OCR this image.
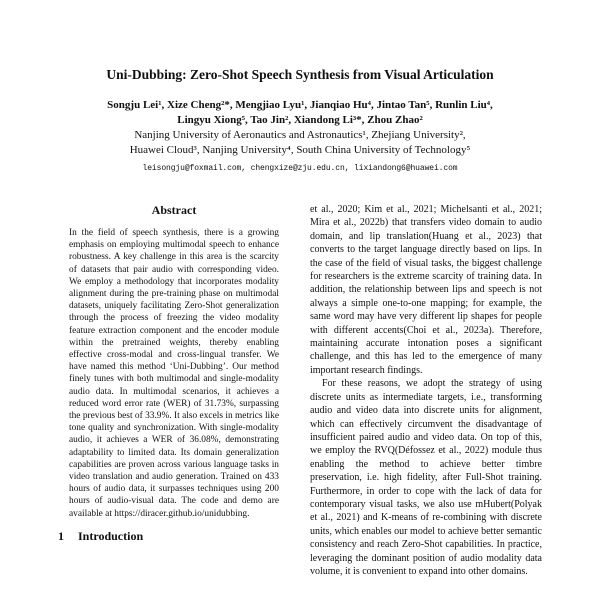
Uni-Dubbing: Zero-Shot Speech Synthesis from Visual Articulation
Songju Lei¹, Xize Cheng²*, Mengjiao Lyu¹, Jianqiao Hu⁴, Jintao Tan⁵, Runlin Liu⁴,
Lingyu Xiong⁵, Tao Jin², Xiandong Li³*, Zhou Zhao²
Nanjing University of Aeronautics and Astronautics¹, Zhejiang University²,
Huawei Cloud³, Nanjing University⁴, South China University of Technology⁵
leisongju@foxmail.com, chengxize@zju.edu.cn, lixiandong6@huawei.com
Abstract
In the field of speech synthesis, there is a growing emphasis on employing multimodal speech to enhance robustness. A key challenge in this area is the scarcity of datasets that pair audio with corresponding video. We employ a methodology that incorporates modality alignment during the pre-training phase on multimodal datasets, uniquely facilitating Zero-Shot generalization through the process of freezing the video modality feature extraction component and the encoder module within the pretrained weights, thereby enabling effective cross-modal and cross-lingual transfer. We have named this method ‘Uni-Dubbing’. Our method finely tunes with both multimodal and single-modality audio data. In multimodal scenarios, it achieves a reduced word error rate (WER) of 31.73%, surpassing the previous best of 33.9%. It also excels in metrics like tone quality and synchronization. With single-modality audio, it achieves a WER of 36.08%, demonstrating adaptability to limited data. Its domain generalization capabilities are proven across various language tasks in video translation and audio generation. Trained on 433 hours of audio data, it surpasses techniques using 200 hours of audio-visual data. The code and demo are available at https://diracer.github.io/unidubbing.
1 Introduction

et al., 2020; Kim et al., 2021; Michelsanti et al., 2021; Mira et al., 2022b) that transfers video domain to audio domain, and lip translation(Huang et al., 2023) that converts to the target language directly based on lips. In the case of the field of visual tasks, the biggest challenge for researchers is the extreme scarcity of training data. In addition, the relationship between lips and speech is not always a simple one-to-one mapping; for example, the same word may have very different lip shapes for people with different accents(Choi et al., 2023a). Therefore, maintaining accurate intonation poses a significant challenge, and this has led to the emergence of many important research findings.

For these reasons, we adopt the strategy of using discrete units as intermediate targets, i.e., transforming audio and video data into discrete units for alignment, which can effectively circumvent the disadvantage of insufficient paired audio and video data. On top of this, we employ the RVQ(Défossez et al., 2022) module thus enabling the method to achieve better timbre preservation, i.e. high fidelity, after Full-Shot training. Furthermore, in order to cope with the lack of data for contemporary visual tasks, we also use mHubert(Polyak et al., 2021) and K-means of re-combining with discrete units, which enables our model to achieve better semantic consistency and reach Zero-Shot capabilities. In practice, leveraging the dominant position of audio modality data volume, it is convenient to expand into other domains.
